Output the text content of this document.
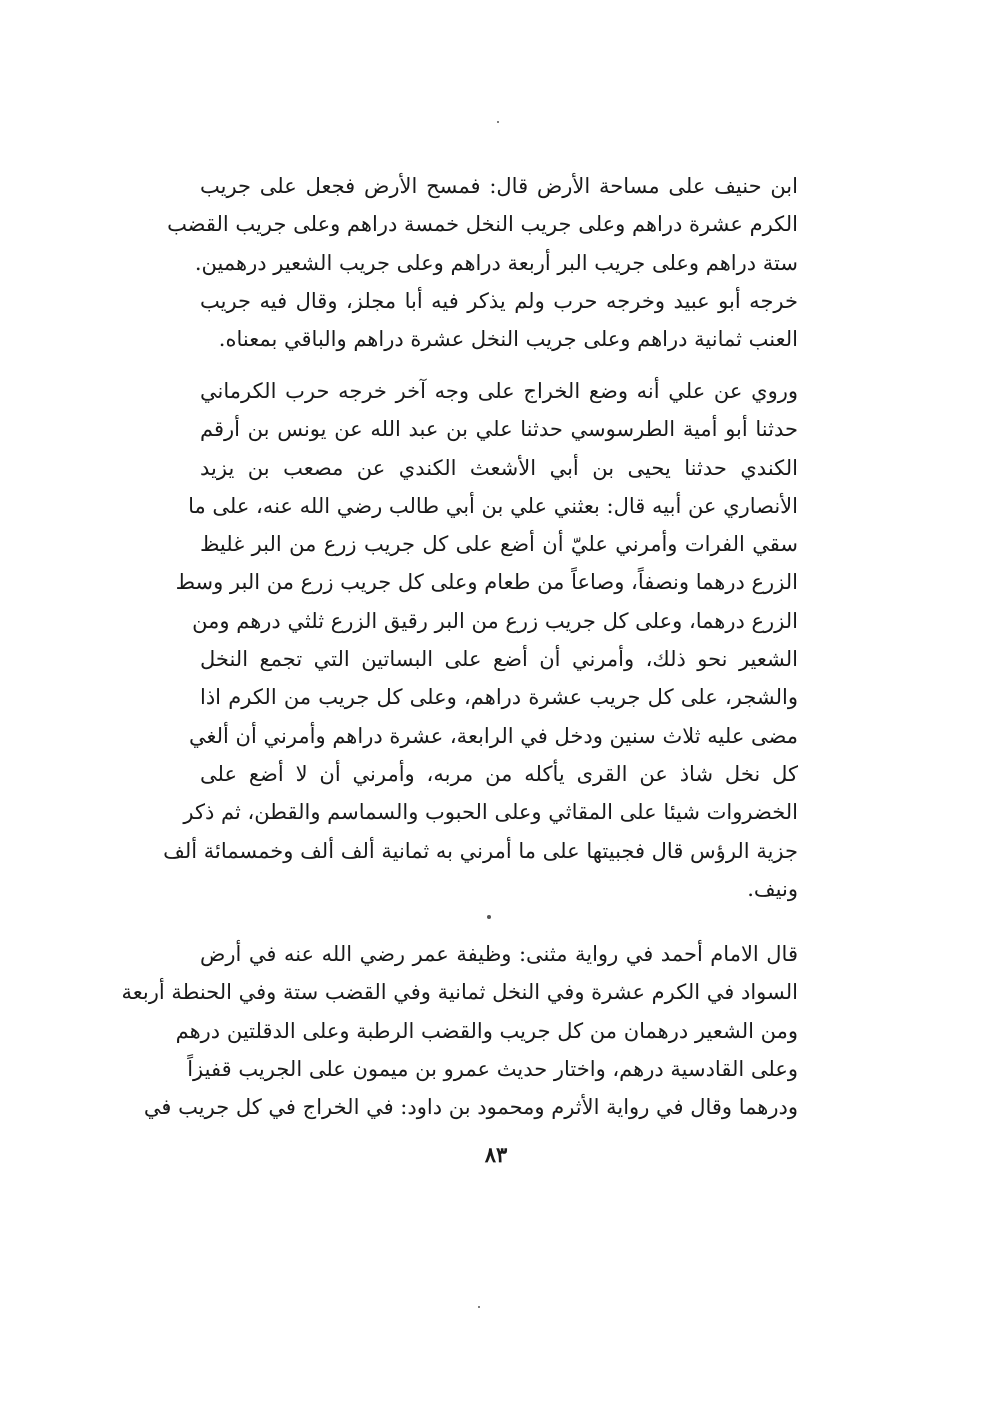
ابن حنيف على مساحة الأرض قال: فمسح الأرض فجعل على جريب
الكرم عشرة دراهم وعلى جريب النخل خمسة دراهم وعلى جريب القضب
ستة دراهم وعلى جريب البر أربعة دراهم وعلى جريب الشعير درهمين.
خرجه أبو عبيد وخرجه حرب ولم يذكر فيه أبا مجلز، وقال فيه جريب
العنب ثمانية دراهم وعلى جريب النخل عشرة دراهم والباقي بمعناه.
وروي عن علي أنه وضع الخراج على وجه آخر خرجه حرب الكرماني
حدثنا أبو أمية الطرسوسي حدثنا علي بن عبد الله عن يونس بن أرقم
الكندي حدثنا يحيى بن أبي الأشعث الكندي عن مصعب بن يزيد
الأنصاري عن أبيه قال: بعثني علي بن أبي طالب رضي الله عنه، على ما
سقي الفرات وأمرني عليّ أن أضع على كل جريب زرع من البر غليظ
الزرع درهما ونصفاً، وصاعاً من طعام وعلى كل جريب زرع من البر وسط
الزرع درهما، وعلى كل جريب زرع من البر رقيق الزرع ثلثي درهم ومن
الشعير نحو ذلك، وأمرني أن أضع على البساتين التي تجمع النخل
والشجر، على كل جريب عشرة دراهم، وعلى كل جريب من الكرم اذا
مضى عليه ثلاث سنين ودخل في الرابعة، عشرة دراهم وأمرني أن ألغي
كل نخل شاذ عن القرى يأكله من مربه، وأمرني أن لا أضع على
الخضروات شيئا على المقاثي وعلى الحبوب والسماسم والقطن، ثم ذكر
جزية الرؤس قال فجبيتها على ما أمرني به ثمانية ألف ألف وخمسمائة ألف
ونيف.
قال الامام أحمد في رواية مثنى: وظيفة عمر رضي الله عنه في أرض
السواد في الكرم عشرة وفي النخل ثمانية وفي القضب ستة وفي الحنطة أربعة
ومن الشعير درهمان من كل جريب والقضب الرطبة وعلى الدقلتين درهم
وعلى القادسية درهم، واختار حديث عمرو بن ميمون على الجريب قفيزاً
ودرهما وقال في رواية الأثرم ومحمود بن داود: في الخراج في كل جريب في
٨٣
